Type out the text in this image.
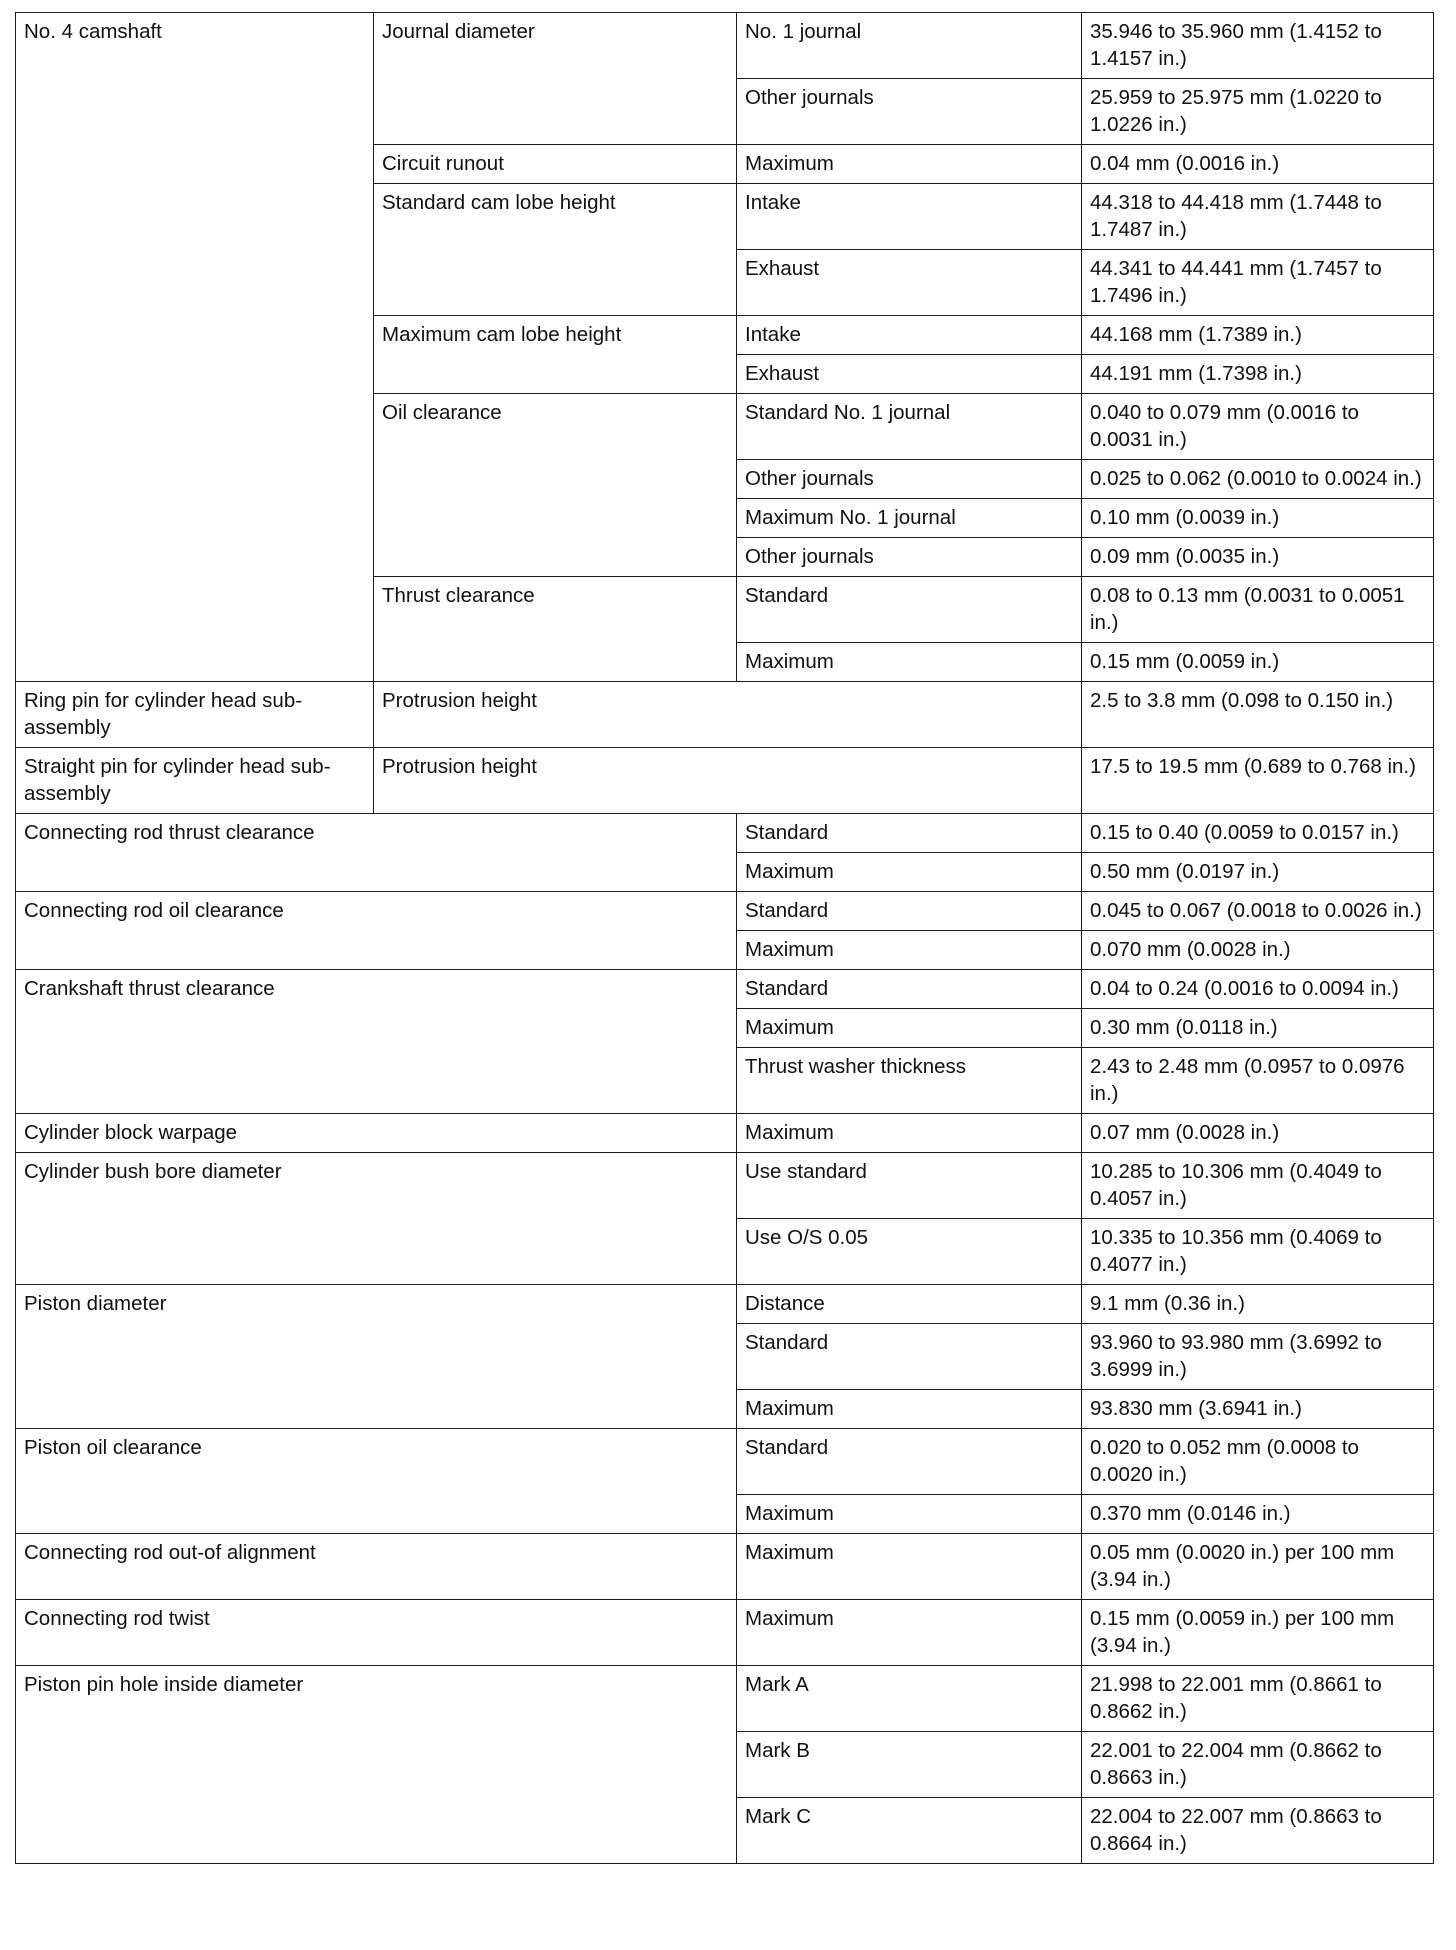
No. 4 camshaft	Journal diameter	No. 1 journal	35.946 to 35.960 mm (1.4152 to 1.4157 in.)
		Other journals	25.959 to 25.975 mm (1.0220 to 1.0226 in.)
	Circuit runout	Maximum	0.04 mm (0.0016 in.)
	Standard cam lobe height	Intake	44.318 to 44.418 mm (1.7448 to 1.7487 in.)
		Exhaust	44.341 to 44.441 mm (1.7457 to 1.7496 in.)
	Maximum cam lobe height	Intake	44.168 mm (1.7389 in.)
		Exhaust	44.191 mm (1.7398 in.)
	Oil clearance	Standard No. 1 journal	0.040 to 0.079 mm (0.0016 to 0.0031 in.)
		Other journals	0.025 to 0.062 (0.0010 to 0.0024 in.)
		Maximum No. 1 journal	0.10 mm (0.0039 in.)
		Other journals	0.09 mm (0.0035 in.)
	Thrust clearance	Standard	0.08 to 0.13 mm (0.0031 to 0.0051 in.)
		Maximum	0.15 mm (0.0059 in.)
Ring pin for cylinder head sub-assembly	Protrusion height		2.5 to 3.8 mm (0.098 to 0.150 in.)
Straight pin for cylinder head sub-assembly	Protrusion height		17.5 to 19.5 mm (0.689 to 0.768 in.)
Connecting rod thrust clearance		Standard	0.15 to 0.40 (0.0059 to 0.0157 in.)
		Maximum	0.50 mm (0.0197 in.)
Connecting rod oil clearance		Standard	0.045 to 0.067 (0.0018 to 0.0026 in.)
		Maximum	0.070 mm (0.0028 in.)
Crankshaft thrust clearance		Standard	0.04 to 0.24 (0.0016 to 0.0094 in.)
		Maximum	0.30 mm (0.0118 in.)
		Thrust washer thickness	2.43 to 2.48 mm (0.0957 to 0.0976 in.)
Cylinder block warpage		Maximum	0.07 mm (0.0028 in.)
Cylinder bush bore diameter		Use standard	10.285 to 10.306 mm (0.4049 to 0.4057 in.)
		Use O/S 0.05	10.335 to 10.356 mm (0.4069 to 0.4077 in.)
Piston diameter		Distance	9.1 mm (0.36 in.)
		Standard	93.960 to 93.980 mm (3.6992 to 3.6999 in.)
		Maximum	93.830 mm (3.6941 in.)
Piston oil clearance		Standard	0.020 to 0.052 mm (0.0008 to 0.0020 in.)
		Maximum	0.370 mm (0.0146 in.)
Connecting rod out-of alignment		Maximum	0.05 mm (0.0020 in.) per 100 mm (3.94 in.)
Connecting rod twist		Maximum	0.15 mm (0.0059 in.) per 100 mm (3.94 in.)
Piston pin hole inside diameter		Mark A	21.998 to 22.001 mm (0.8661 to 0.8662 in.)
		Mark B	22.001 to 22.004 mm (0.8662 to 0.8663 in.)
		Mark C	22.004 to 22.007 mm (0.8663 to 0.8664 in.)
